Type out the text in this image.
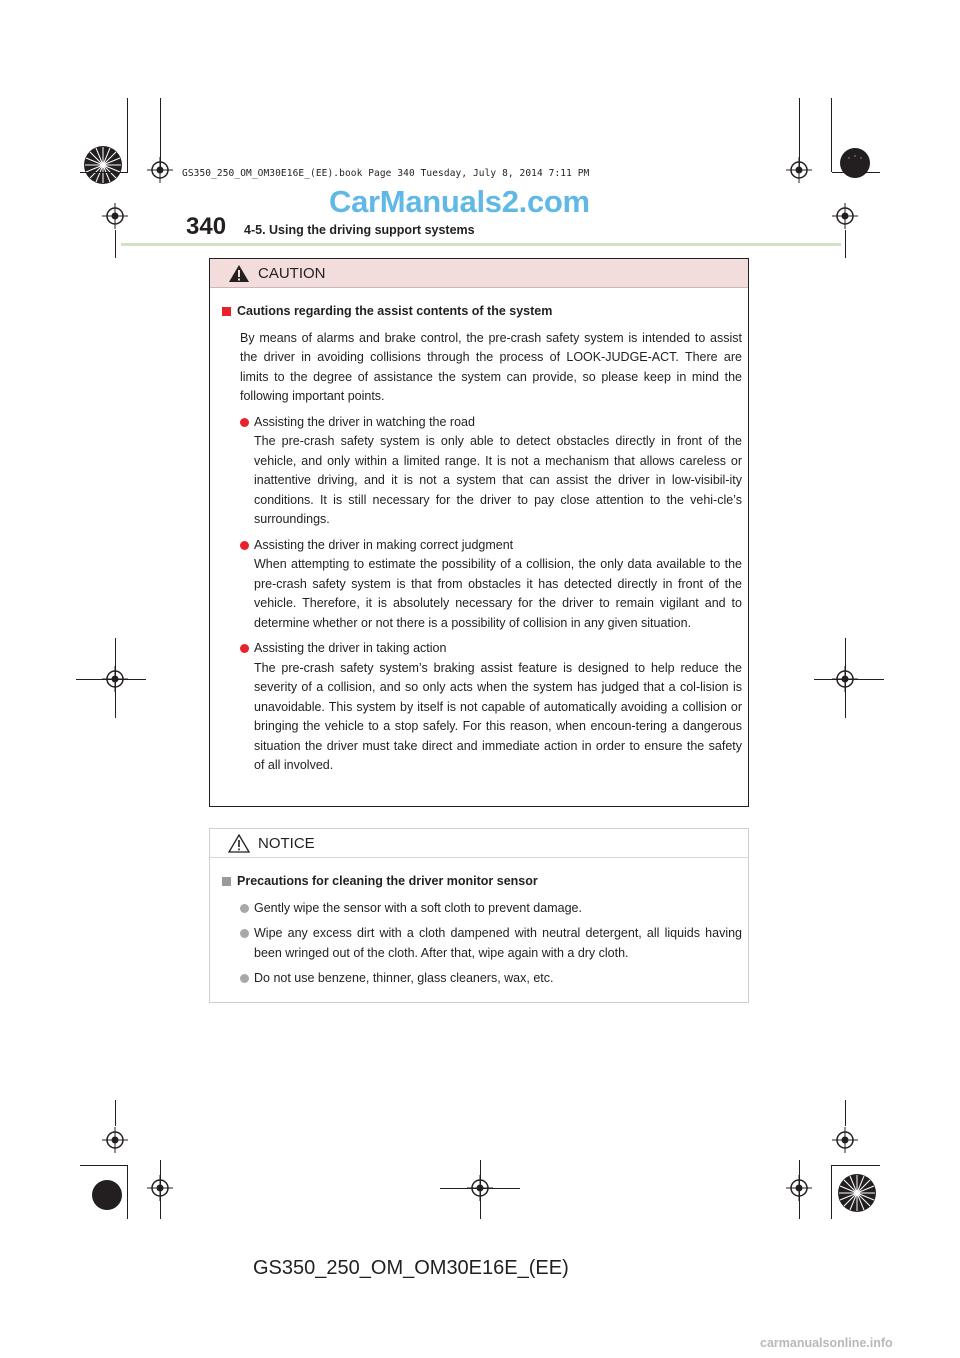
GS350_250_OM_OM30E16E_(EE).book Page 340 Tuesday, July 8, 2014 7:11 PM
CarManuals2.com
340 4-5. Using the driving support systems
CAUTION
Cautions regarding the assist contents of the system
By means of alarms and brake control, the pre-crash safety system is intended to assist the driver in avoiding collisions through the process of LOOK-JUDGE-ACT. There are limits to the degree of assistance the system can provide, so please keep in mind the following important points.
Assisting the driver in watching the road
The pre-crash safety system is only able to detect obstacles directly in front of the vehicle, and only within a limited range. It is not a mechanism that allows careless or inattentive driving, and it is not a system that can assist the driver in low-visibil-ity conditions. It is still necessary for the driver to pay close attention to the vehi-cle’s surroundings.
Assisting the driver in making correct judgment
When attempting to estimate the possibility of a collision, the only data available to the pre-crash safety system is that from obstacles it has detected directly in front of the vehicle. Therefore, it is absolutely necessary for the driver to remain vigilant and to determine whether or not there is a possibility of collision in any given situation.
Assisting the driver in taking action
The pre-crash safety system’s braking assist feature is designed to help reduce the severity of a collision, and so only acts when the system has judged that a col-lision is unavoidable. This system by itself is not capable of automatically avoiding a collision or bringing the vehicle to a stop safely. For this reason, when encoun-tering a dangerous situation the driver must take direct and immediate action in order to ensure the safety of all involved.
NOTICE
Precautions for cleaning the driver monitor sensor
Gently wipe the sensor with a soft cloth to prevent damage.
Wipe any excess dirt with a cloth dampened with neutral detergent, all liquids having been wringed out of the cloth. After that, wipe again with a dry cloth.
Do not use benzene, thinner, glass cleaners, wax, etc.
GS350_250_OM_OM30E16E_(EE)
carmanualsonline.info
